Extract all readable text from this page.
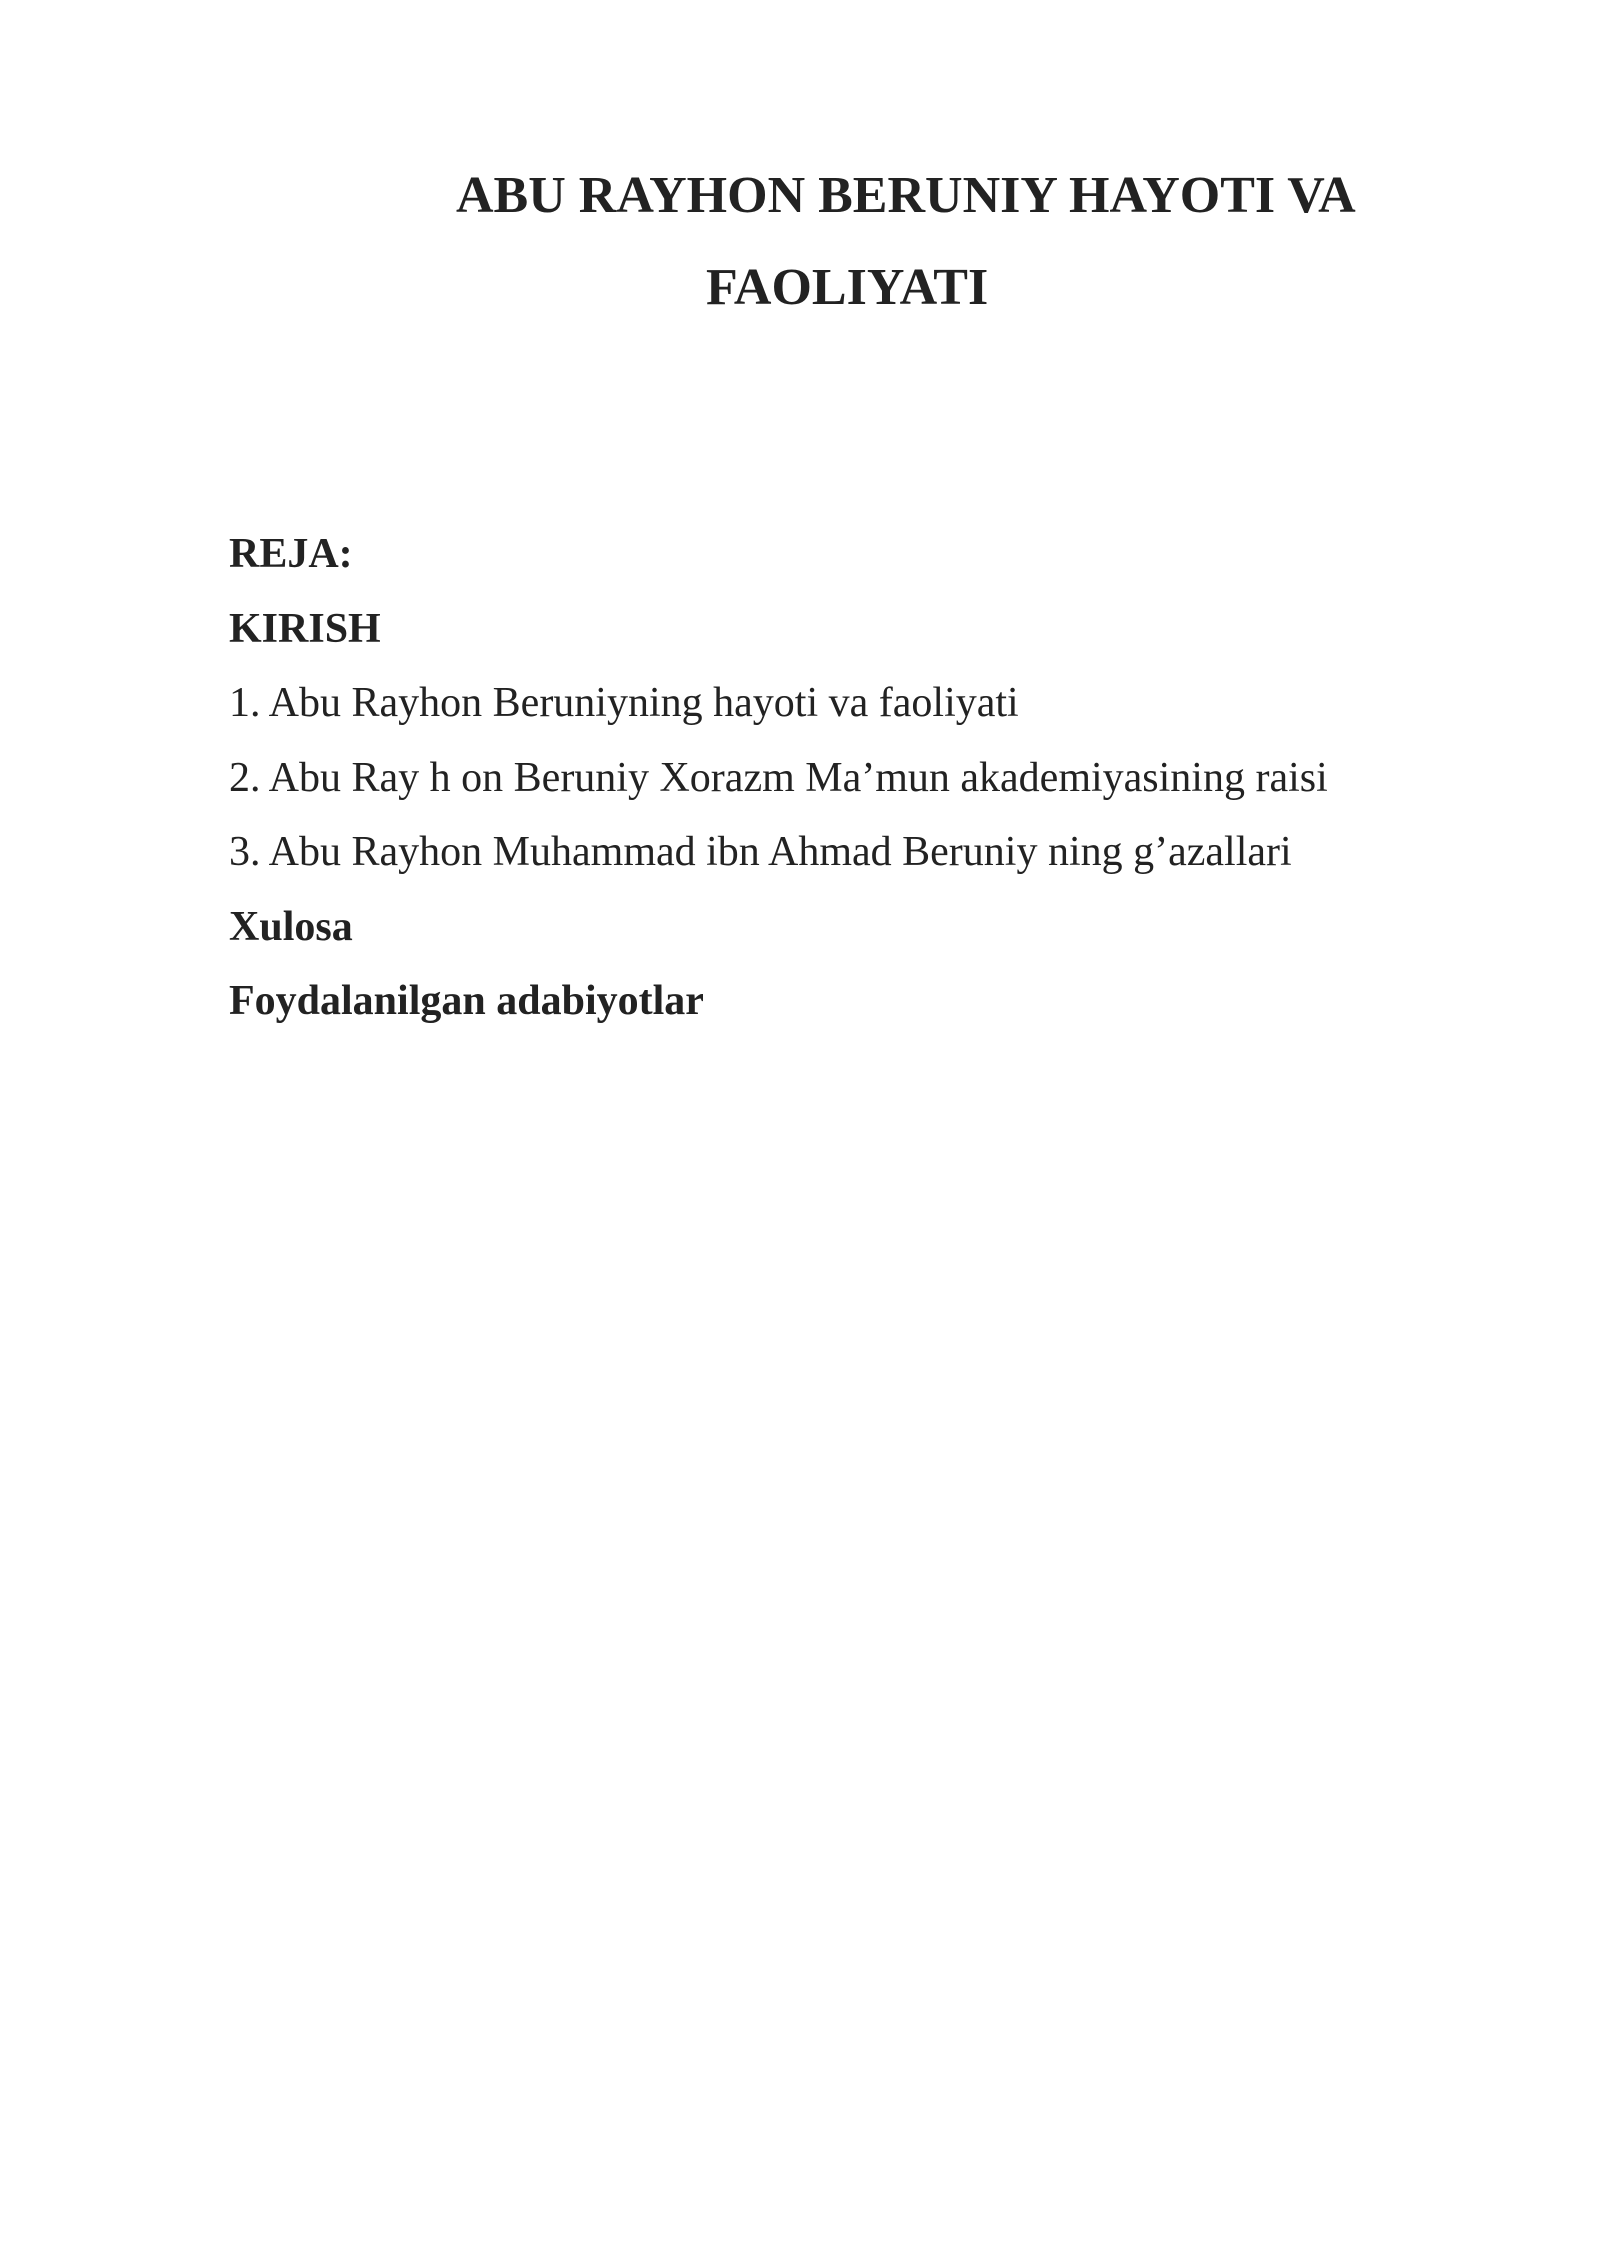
ABU RAYHON BERUNIY HAYOTI VA
FAOLIYATI
REJA:
KIRISH
1. Abu Rayhon Beruniyning hayoti va faoliyati
2. Abu Ray h on Beruniy Xorazm Ma’mun akademiyasining raisi
3. Abu Rayhon Muhammad ibn Ahmad Beruniy ning g’azallari
Xulosa
Foydalanilgan adabiyotlar
